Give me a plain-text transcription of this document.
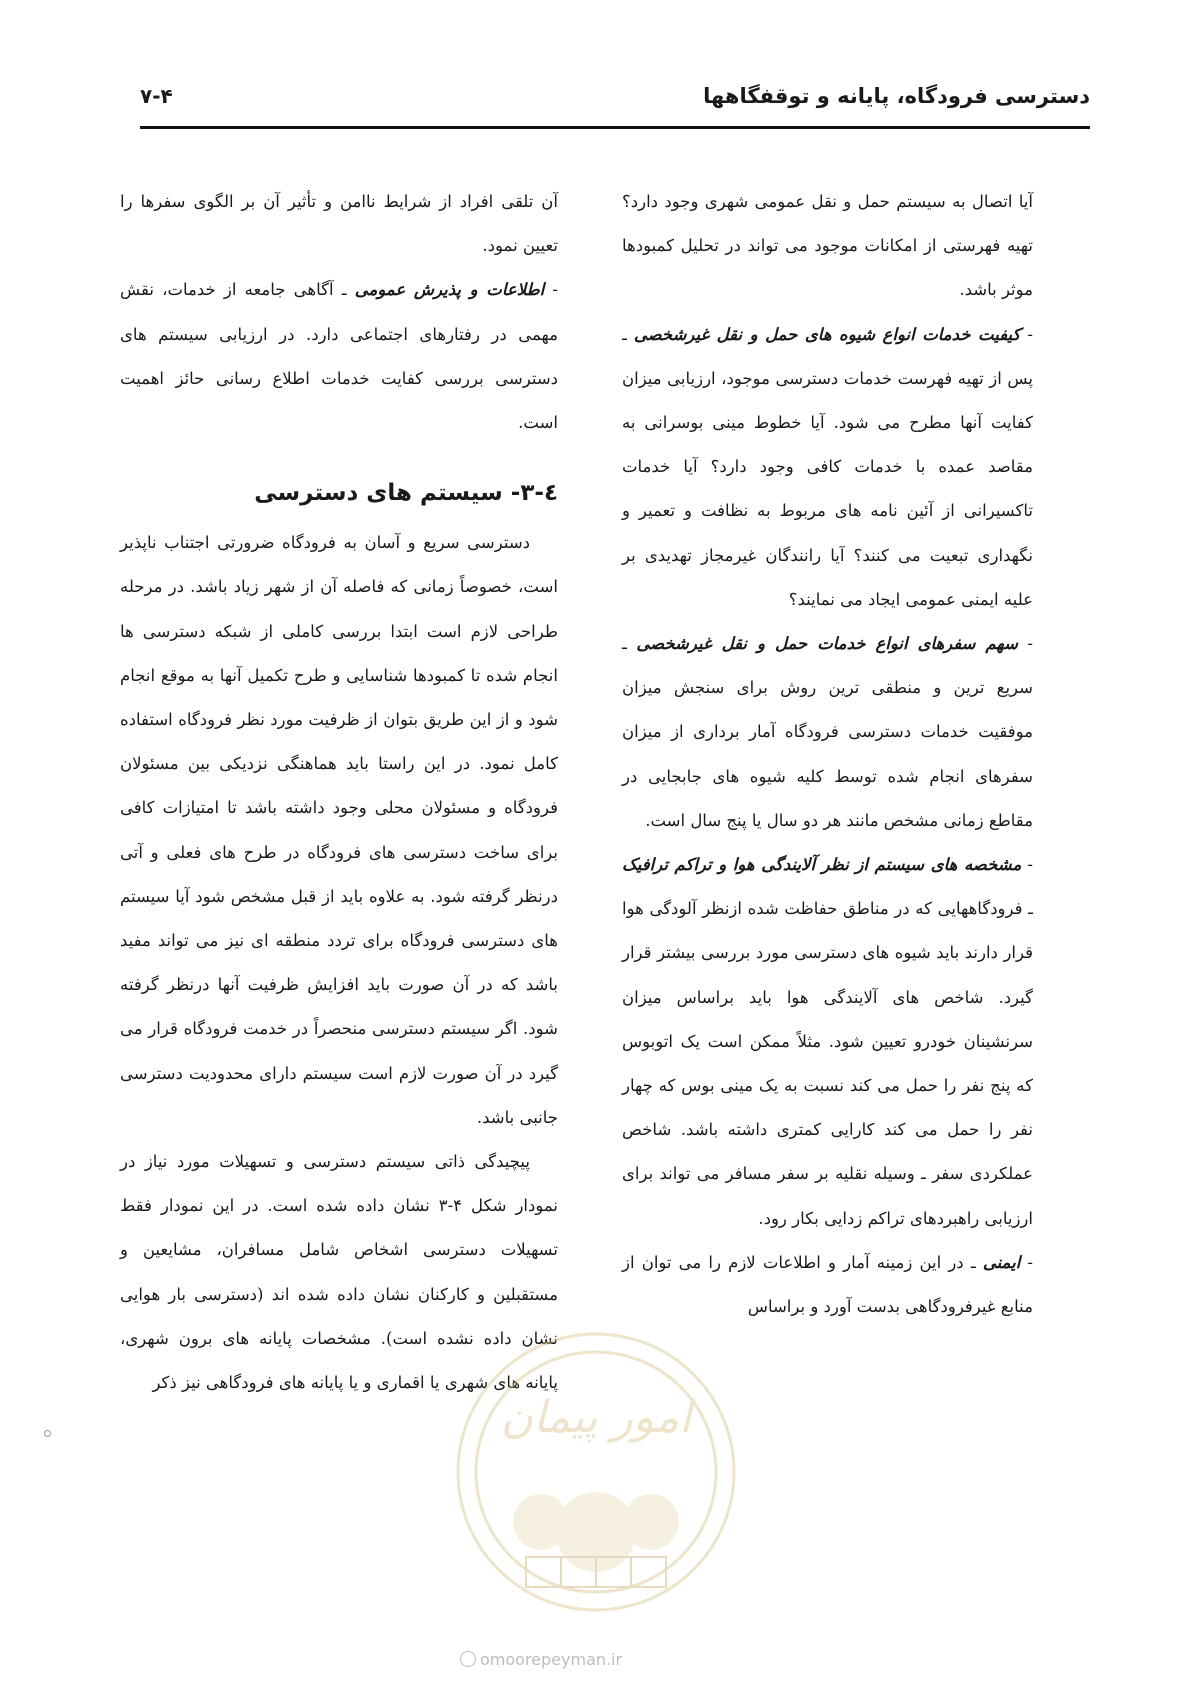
دسترسی فرودگاه، پایانه و توقفگاهها
۷-۴

آیا اتصال به سیستم حمل و نقل عمومی شهری وجود دارد؟ تهیه فهرستی از امکانات موجود می تواند در تحلیل کمبودها موثر باشد.

- کیفیت خدمات انواع شیوه های حمل و نقل غیرشخصی ـ پس از تهیه فهرست خدمات دسترسی موجود، ارزیابی میزان کفایت آنها مطرح می شود. آیا خطوط مینی بوسرانی به مقاصد عمده با خدمات کافی وجود دارد؟ آیا خدمات تاکسیرانی از آئین نامه های مربوط به نظافت و تعمیر و نگهداری تبعیت می کنند؟ آیا رانندگان غیرمجاز تهدیدی بر علیه ایمنی عمومی ایجاد می نمایند؟

- سهم سفرهای انواع خدمات حمل و نقل غیرشخصی ـ سریع ترین و منطقی ترین روش برای سنجش میزان موفقیت خدمات دسترسی فرودگاه آمار برداری از میزان سفرهای انجام شده توسط کلیه شیوه های جابجایی در مقاطع زمانی مشخص مانند هر دو سال یا پنج سال است.

- مشخصه های سیستم از نظر آلایندگی هوا و تراکم ترافیک ـ فرودگاههایی که در مناطق حفاظت شده ازنظر آلودگی هوا قرار دارند باید شیوه های دسترسی مورد بررسی بیشتر قرار گیرد. شاخص های آلایندگی هوا باید براساس میزان سرنشینان خودرو تعیین شود. مثلاً ممکن است یک اتوبوس که پنج نفر را حمل می کند نسبت به یک مینی بوس که چهار نفر را حمل می کند کارایی کمتری داشته باشد. شاخص عملکردی سفر ـ وسیله نقلیه بر سفر مسافر می تواند برای ارزیابی راهبردهای تراکم زدایی بکار رود.

- ایمنی ـ در این زمینه آمار و اطلاعات لازم را می توان از منابع غیرفرودگاهی بدست آورد و براساس

آن تلقی افراد از شرایط ناامن و تأثیر آن بر الگوی سفرها را تعیین نمود.

- اطلاعات و پذیرش عمومی ـ آگاهی جامعه از خدمات، نقش مهمی در رفتارهای اجتماعی دارد. در ارزیابی سیستم های دسترسی بررسی کفایت خدمات اطلاع رسانی حائز اهمیت است.

٤-٣- سیستم های دسترسی

دسترسی سریع و آسان به فرودگاه ضرورتی اجتناب ناپذیر است، خصوصاً زمانی که فاصله آن از شهر زیاد باشد. در مرحله طراحی لازم است ابتدا بررسی کاملی از شبکه دسترسی ها انجام شده تا کمبودها شناسایی و طرح تکمیل آنها به موقع انجام شود و از این طریق بتوان از ظرفیت مورد نظر فرودگاه استفاده کامل نمود. در این راستا باید هماهنگی نزدیکی بین مسئولان فرودگاه و مسئولان محلی وجود داشته باشد تا امتیازات کافی برای ساخت دسترسی های فرودگاه در طرح های فعلی و آتی درنظر گرفته شود. به علاوه باید از قبل مشخص شود آیا سیستم های دسترسی فرودگاه برای تردد منطقه ای نیز می تواند مفید باشد که در آن صورت باید افزایش ظرفیت آنها درنظر گرفته شود. اگر سیستم دسترسی منحصراً در خدمت فرودگاه قرار می گیرد در آن صورت لازم است سیستم دارای محدودیت دسترسی جانبی باشد.

پیچیدگی ذاتی سیستم دسترسی و تسهیلات مورد نیاز در نمودار شکل ۴-۳ نشان داده شده است. در این نمودار فقط تسهیلات دسترسی اشخاص شامل مسافران، مشایعین و مستقبلین و کارکنان نشان داده شده اند (دسترسی بار هوایی نشان داده نشده است). مشخصات پایانه های برون شهری، پایانه های شهری یا اقماری و یا پایانه های فرودگاهی نیز ذکر

امور پیمان
omoorepeyman.ir
